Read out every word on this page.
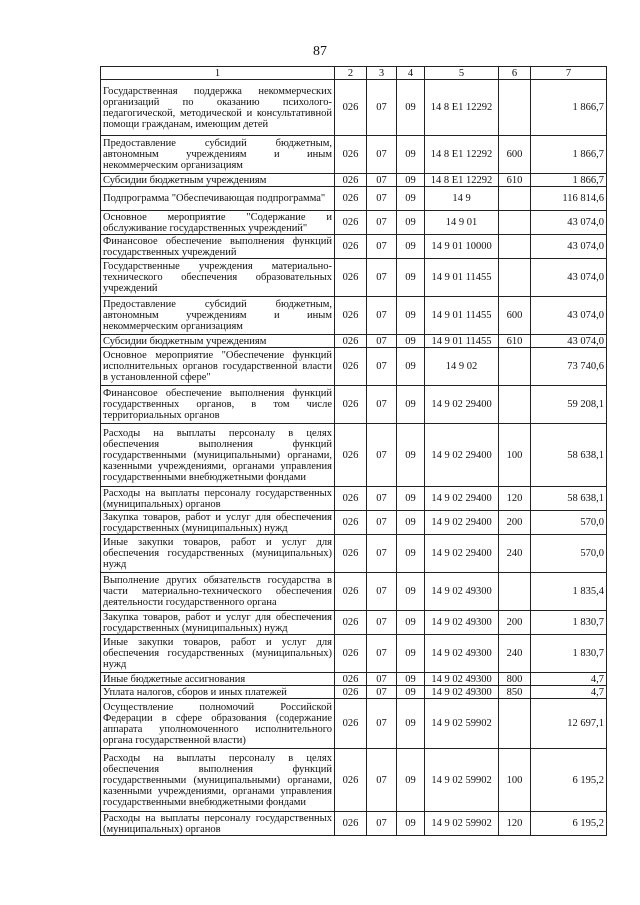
87
1	2	3	4	5	6	7
Государственная поддержка некоммерческих организаций по оказанию психолого-педагогической, методической и консультативной помощи гражданам, имеющим детей	026	07	09	14 8 Е1 12292		1 866,7
Предоставление субсидий бюджетным, автономным учреждениям и иным некоммерческим организациям	026	07	09	14 8 Е1 12292	600	1 866,7
Субсидии бюджетным учреждениям	026	07	09	14 8 Е1 12292	610	1 866,7
Подпрограмма "Обеспечивающая подпрограмма"	026	07	09	14 9		116 814,6
Основное мероприятие "Содержание и обслуживание государственных учреждений"	026	07	09	14 9 01		43 074,0
Финансовое обеспечение выполнения функций государственных учреждений	026	07	09	14 9 01 10000		43 074,0
Государственные учреждения материально-технического обеспечения образовательных учреждений	026	07	09	14 9 01 11455		43 074,0
Предоставление субсидий бюджетным, автономным учреждениям и иным некоммерческим организациям	026	07	09	14 9 01 11455	600	43 074,0
Субсидии бюджетным учреждениям	026	07	09	14 9 01 11455	610	43 074,0
Основное мероприятие "Обеспечение функций исполнительных органов государственной власти в установленной сфере"	026	07	09	14 9 02		73 740,6
Финансовое обеспечение выполнения функций государственных органов, в том числе территориальных органов	026	07	09	14 9 02 29400		59 208,1
Расходы на выплаты персоналу в целях обеспечения выполнения функций государственными (муниципальными) органами, казенными учреждениями, органами управления государственными внебюджетными фондами	026	07	09	14 9 02 29400	100	58 638,1
Расходы на выплаты персоналу государственных (муниципальных) органов	026	07	09	14 9 02 29400	120	58 638,1
Закупка товаров, работ и услуг для обеспечения государственных (муниципальных) нужд	026	07	09	14 9 02 29400	200	570,0
Иные закупки товаров, работ и услуг для обеспечения государственных (муниципальных) нужд	026	07	09	14 9 02 29400	240	570,0
Выполнение других обязательств государства в части материально-технического обеспечения деятельности государственного органа	026	07	09	14 9 02 49300		1 835,4
Закупка товаров, работ и услуг для обеспечения государственных (муниципальных) нужд	026	07	09	14 9 02 49300	200	1 830,7
Иные закупки товаров, работ и услуг для обеспечения государственных (муниципальных) нужд	026	07	09	14 9 02 49300	240	1 830,7
Иные бюджетные ассигнования	026	07	09	14 9 02 49300	800	4,7
Уплата налогов, сборов и иных платежей	026	07	09	14 9 02 49300	850	4,7
Осуществление полномочий Российской Федерации в сфере образования (содержание аппарата уполномоченного исполнительного органа государственной власти)	026	07	09	14 9 02 59902		12 697,1
Расходы на выплаты персоналу в целях обеспечения выполнения функций государственными (муниципальными) органами, казенными учреждениями, органами управления государственными внебюджетными фондами	026	07	09	14 9 02 59902	100	6 195,2
Расходы на выплаты персоналу государственных (муниципальных) органов	026	07	09	14 9 02 59902	120	6 195,2
